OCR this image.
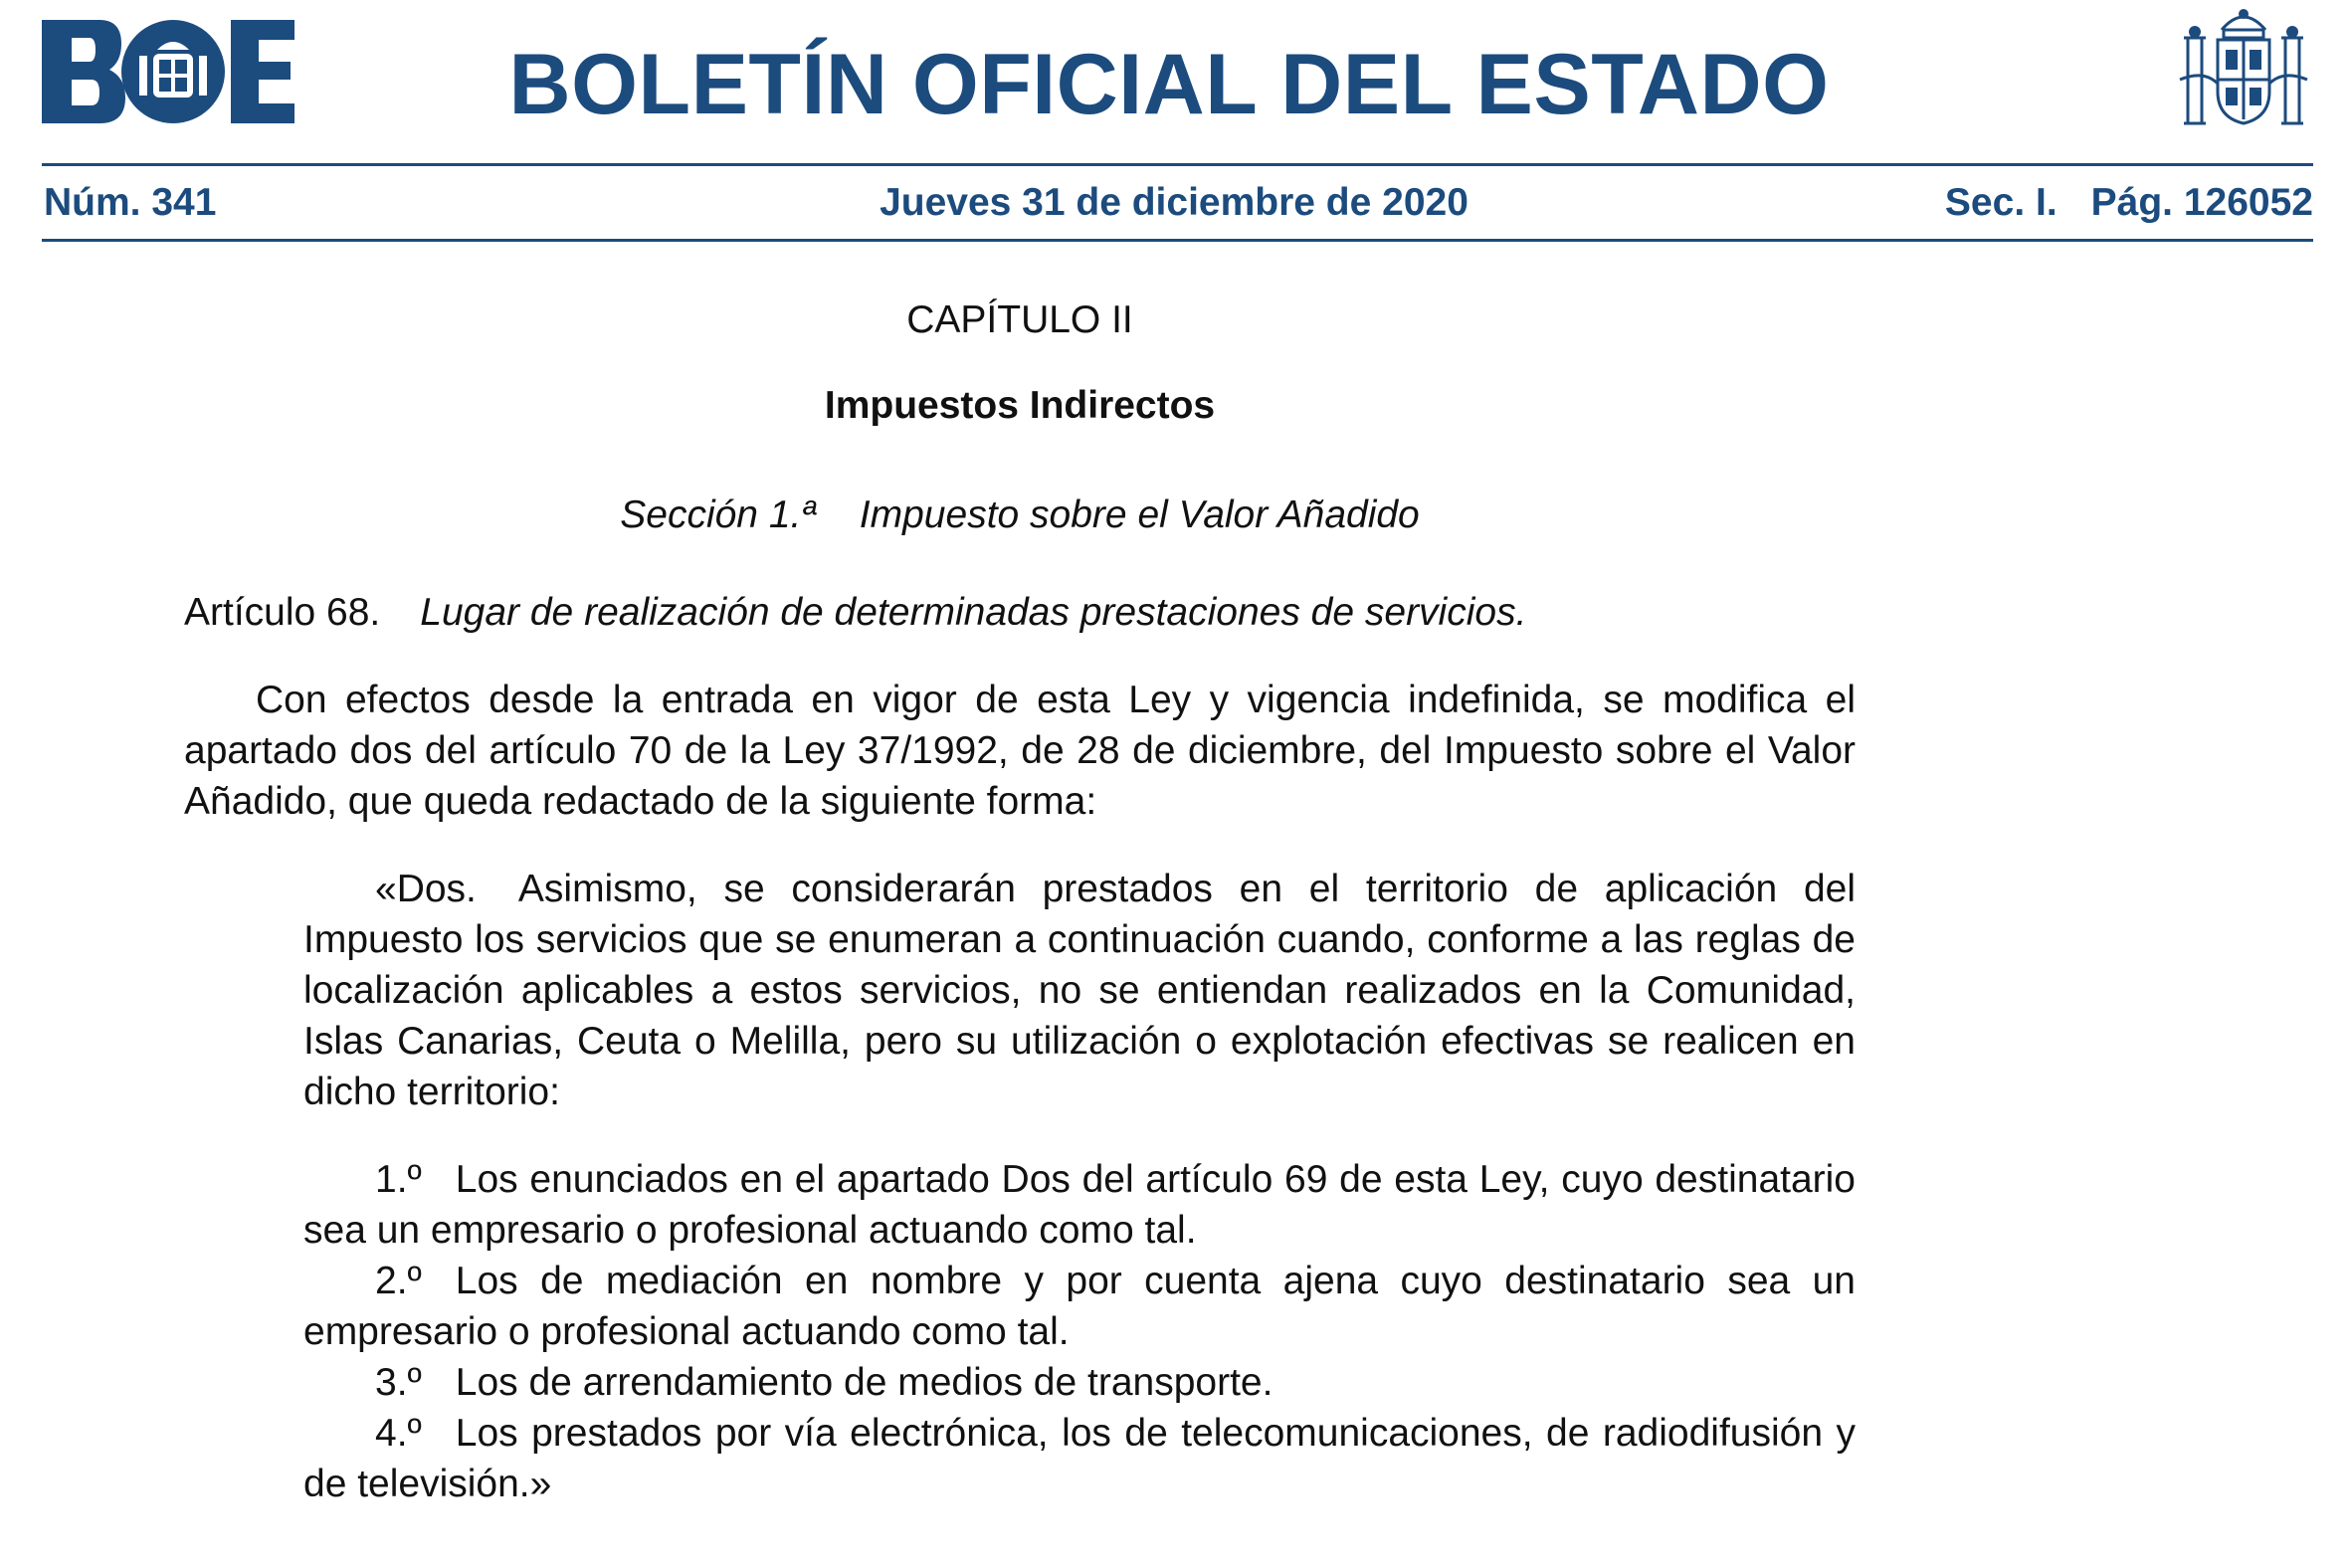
BOLETÍN OFICIAL DEL ESTADO
Núm. 341	Jueves 31 de diciembre de 2020	Sec. I. Pág. 126052
CAPÍTULO II
Impuestos Indirectos
Sección 1.ª Impuesto sobre el Valor Añadido
Artículo 68. Lugar de realización de determinadas prestaciones de servicios.
Con efectos desde la entrada en vigor de esta Ley y vigencia indefinida, se modifica el apartado dos del artículo 70 de la Ley 37/1992, de 28 de diciembre, del Impuesto sobre el Valor Añadido, que queda redactado de la siguiente forma:
«Dos. Asimismo, se considerarán prestados en el territorio de aplicación del Impuesto los servicios que se enumeran a continuación cuando, conforme a las reglas de localización aplicables a estos servicios, no se entiendan realizados en la Comunidad, Islas Canarias, Ceuta o Melilla, pero su utilización o explotación efectivas se realicen en dicho territorio:
1.º Los enunciados en el apartado Dos del artículo 69 de esta Ley, cuyo destinatario sea un empresario o profesional actuando como tal.
2.º Los de mediación en nombre y por cuenta ajena cuyo destinatario sea un empresario o profesional actuando como tal.
3.º Los de arrendamiento de medios de transporte.
4.º Los prestados por vía electrónica, los de telecomunicaciones, de radiodifusión y de televisión.»
